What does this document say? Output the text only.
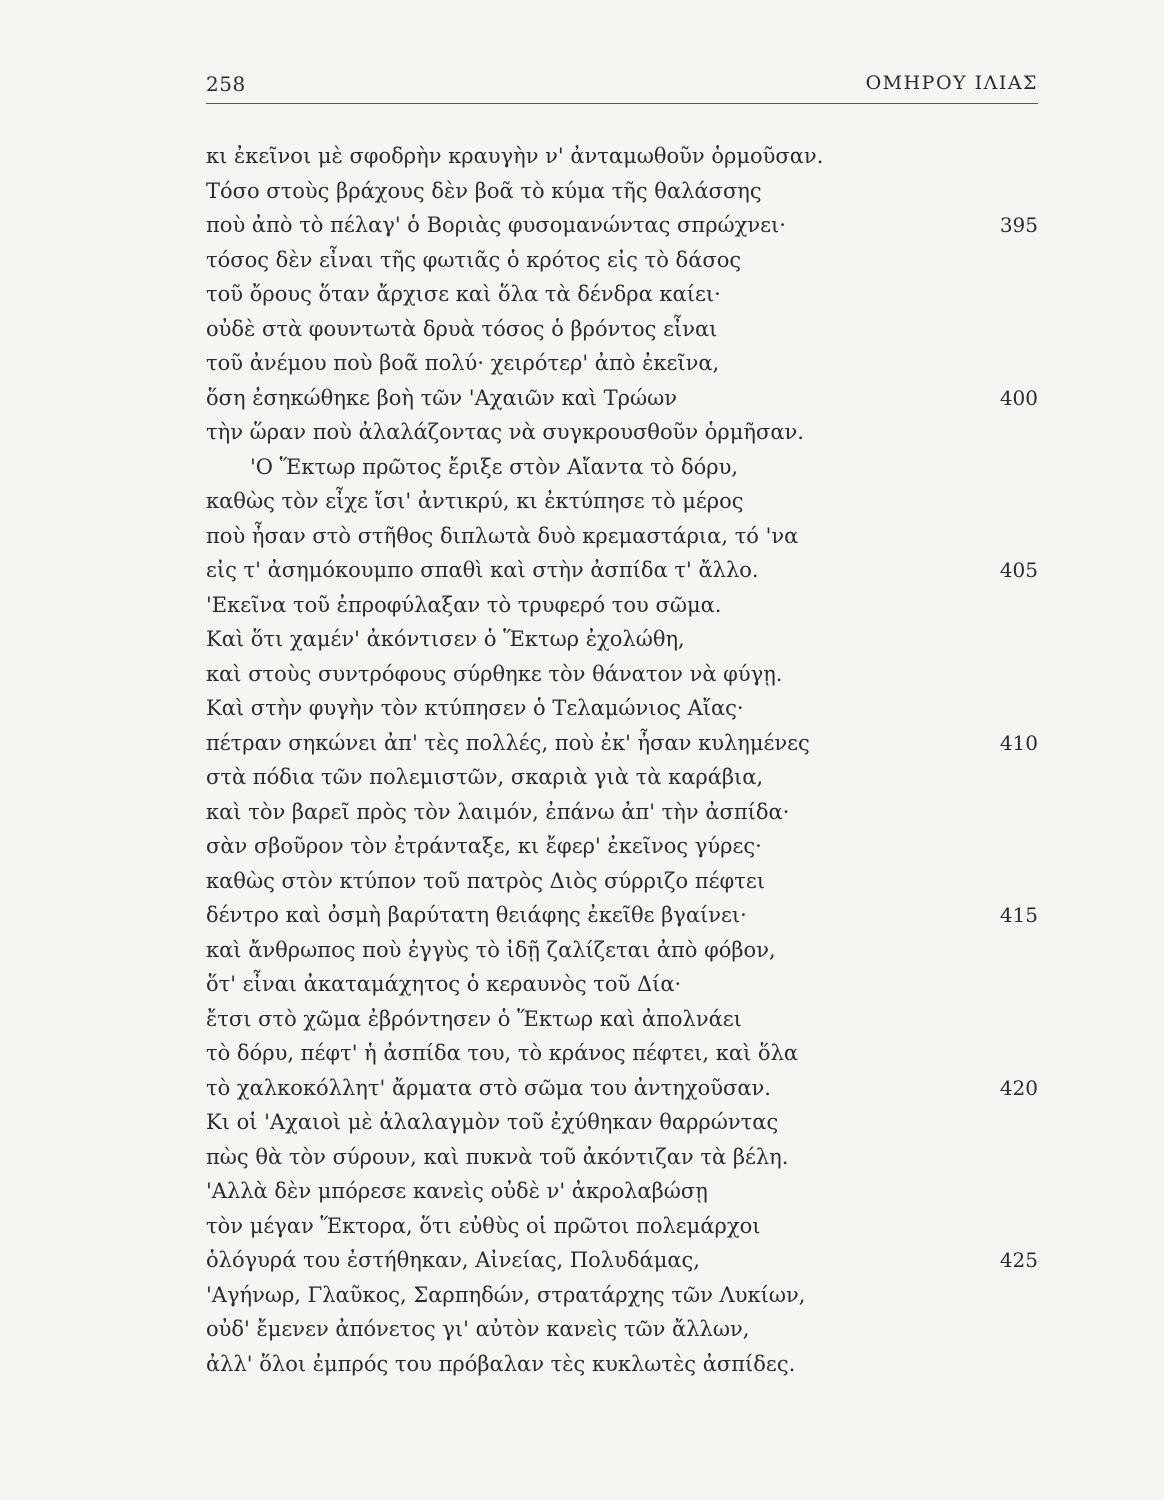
258	ΟΜΗΡΟΥ ΙΛΙΑΣ
κι ἐκεῖνοι μὲ σφοδρὴν κραυγὴν ν' ἀνταμωθοῦν ὁρμοῦσαν.
Τόσο στοὺς βράχους δὲν βοᾶ τὸ κύμα τῆς θαλάσσης
ποὺ ἀπὸ τὸ πέλαγ' ὁ Βοριὰς φυσομανώντας σπρώχνει·	395
τόσος δὲν εἶναι τῆς φωτιᾶς ὁ κρότος εἰς τὸ δάσος
τοῦ ὄρους ὅταν ἄρχισε καὶ ὅλα τὰ δένδρα καίει·
οὐδὲ στὰ φουντωτὰ δρυὰ τόσος ὁ βρόντος εἶναι
τοῦ ἀνέμου ποὺ βοᾶ πολύ· χειρότερ' ἀπὸ ἐκεῖνα,
ὅση ἐσηκώθηκε βοὴ τῶν 'Αχαιῶν καὶ Τρώων	400
τὴν ὥραν ποὺ ἀλαλάζοντας νὰ συγκρουσθοῦν ὁρμῆσαν.
'Ο Ἕκτωρ πρῶτος ἔριξε στὸν Αἴαντα τὸ δόρυ,
καθὼς τὸν εἶχε ἴσι' ἀντικρύ, κι ἐκτύπησε τὸ μέρος
ποὺ ἦσαν στὸ στῆθος διπλωτὰ δυὸ κρεμαστάρια, τό 'να
εἰς τ' ἀσημόκουμπο σπαθὶ καὶ στὴν ἀσπίδα τ' ἄλλο.	405
'Εκεῖνα τοῦ ἐπροφύλαξαν τὸ τρυφερό του σῶμα.
Καὶ ὅτι χαμέν' ἀκόντισεν ὁ Ἕκτωρ ἐχολώθη,
καὶ στοὺς συντρόφους σύρθηκε τὸν θάνατον νὰ φύγῃ.
Καὶ στὴν φυγὴν τὸν κτύπησεν ὁ Τελαμώνιος Αἴας·
πέτραν σηκώνει ἀπ' τὲς πολλές, ποὺ ἐκ' ἦσαν κυλημένες	410
στὰ πόδια τῶν πολεμιστῶν, σκαριὰ γιὰ τὰ καράβια,
καὶ τὸν βαρεῖ πρὸς τὸν λαιμόν, ἐπάνω ἀπ' τὴν ἀσπίδα·
σὰν σβοῦρον τὸν ἐτράνταξε, κι ἔφερ' ἐκεῖνος γύρες·
καθὼς στὸν κτύπον τοῦ πατρὸς Διὸς σύρριζο πέφτει
δέντρο καὶ ὀσμὴ βαρύτατη θειάφης ἐκεῖθε βγαίνει·	415
καὶ ἄνθρωπος ποὺ ἐγγὺς τὸ ἰδῇ ζαλίζεται ἀπὸ φόβον,
ὅτ' εἶναι ἀκαταμάχητος ὁ κεραυνὸς τοῦ Δία·
ἔτσι στὸ χῶμα ἐβρόντησεν ὁ Ἕκτωρ καὶ ἀπολνάει
τὸ δόρυ, πέφτ' ἡ ἀσπίδα του, τὸ κράνος πέφτει, καὶ ὅλα
τὸ χαλκοκόλλητ' ἄρματα στὸ σῶμα του ἀντηχοῦσαν.	420
Κι οἱ 'Αχαιοὶ μὲ ἀλαλαγμὸν τοῦ ἐχύθηκαν θαρρώντας
πὼς θὰ τὸν σύρουν, καὶ πυκνὰ τοῦ ἀκόντιζαν τὰ βέλη.
'Αλλὰ δὲν μπόρεσε κανεὶς οὐδὲ ν' ἀκρολαβώσῃ
τὸν μέγαν Ἕκτορα, ὅτι εὐθὺς οἱ πρῶτοι πολεμάρχοι
ὁλόγυρά του ἐστήθηκαν, Αἰνείας, Πολυδάμας,	425
'Αγήνωρ, Γλαῦκος, Σαρπηδών, στρατάρχης τῶν Λυκίων,
οὐδ' ἔμενεν ἀπόνετος γι' αὐτὸν κανεὶς τῶν ἄλλων,
ἀλλ' ὅλοι ἐμπρός του πρόβαλαν τὲς κυκλωτὲς ἀσπίδες.
